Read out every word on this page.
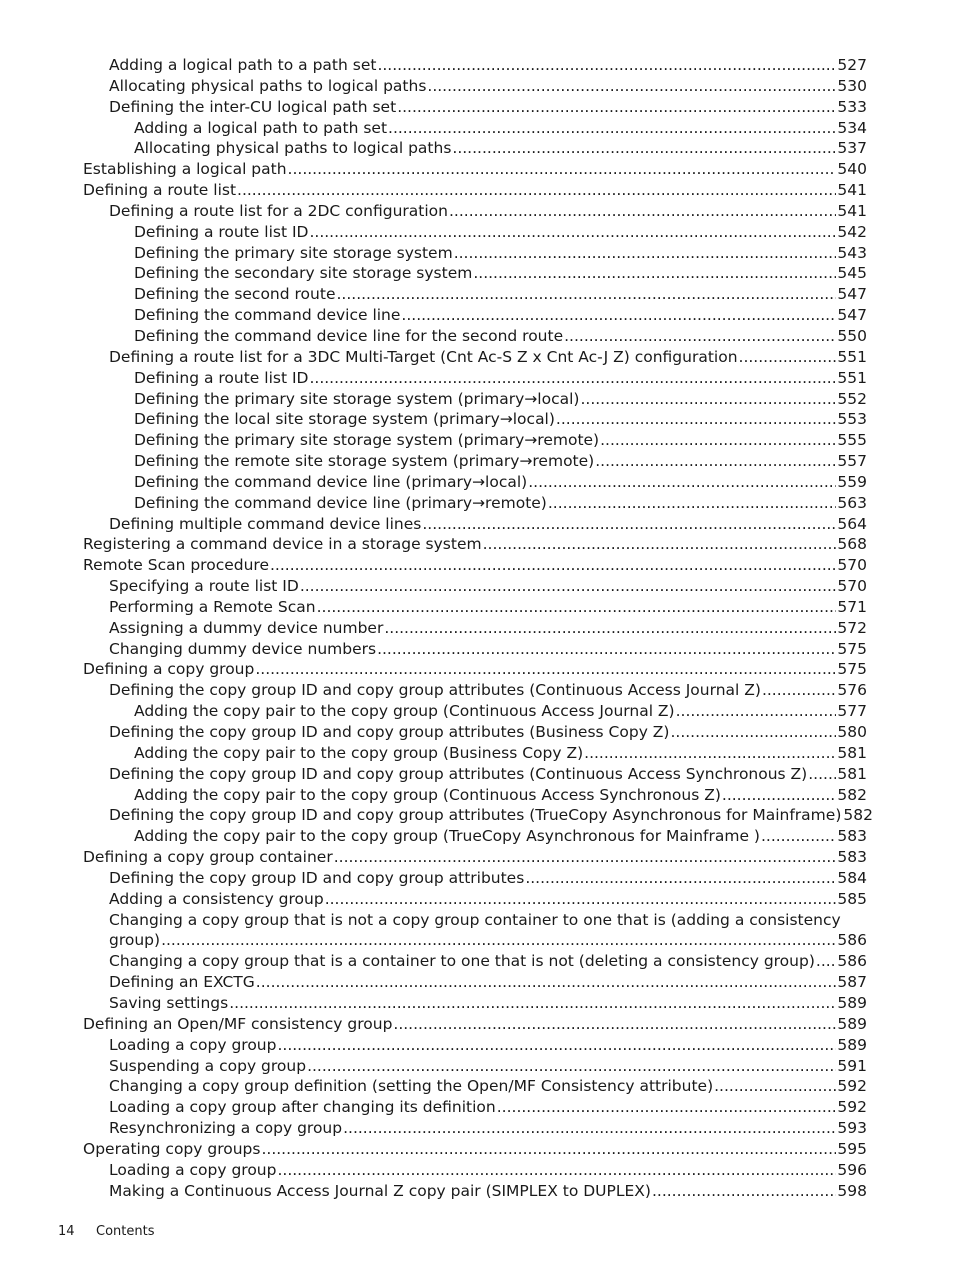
Adding a logical path to a path set .....	527
Allocating physical paths to logical paths .....	530
Defining the inter-CU logical path set .....	533
Adding a logical path to path set .....	534
Allocating physical paths to logical paths .....	537
Establishing a logical path .....	540
Defining a route list .....	541
Defining a route list for a 2DC configuration .....	541
Defining a route list ID .....	542
Defining the primary site storage system .....	543
Defining the secondary site storage system .....	545
Defining the second route .....	547
Defining the command device line .....	547
Defining the command device line for the second route .....	550
Defining a route list for a 3DC Multi-Target (Cnt Ac-S Z x Cnt Ac-J Z) configuration .....	551
Defining a route list ID .....	551
Defining the primary site storage system (primary→local) .....	552
Defining the local site storage system (primary→local) .....	553
Defining the primary site storage system (primary→remote) .....	555
Defining the remote site storage system (primary→remote) .....	557
Defining the command device line (primary→local) .....	559
Defining the command device line (primary→remote) .....	563
Defining multiple command device lines .....	564
Registering a command device in a storage system .....	568
Remote Scan procedure .....	570
Specifying a route list ID .....	570
Performing a Remote Scan .....	571
Assigning a dummy device number .....	572
Changing dummy device numbers .....	575
Defining a copy group .....	575
Defining the copy group ID and copy group attributes (Continuous Access Journal Z) .....	576
Adding the copy pair to the copy group (Continuous Access Journal Z) .....	577
Defining the copy group ID and copy group attributes (Business Copy Z) .....	580
Adding the copy pair to the copy group (Business Copy Z) .....	581
Defining the copy group ID and copy group attributes (Continuous Access Synchronous Z) ..... 581
Adding the copy pair to the copy group (Continuous Access Synchronous Z) .....	582
Defining the copy group ID and copy group attributes (TrueCopy Asynchronous for Mainframe) 582
Adding the copy pair to the copy group (TrueCopy Asynchronous for Mainframe ) .....	583
Defining a copy group container .....	583
Defining the copy group ID and copy group attributes .....	584
Adding a consistency group .....	585
Changing a copy group that is not a copy group container to one that is (adding a consistency
group) .....	586
Changing a copy group that is a container to one that is not (deleting a consistency group) ..... 586
Defining an EXCTG .....	587
Saving settings .....	589
Defining an Open/MF consistency group .....	589
Loading a copy group .....	589
Suspending a copy group .....	591
Changing a copy group definition (setting the Open/MF Consistency attribute) .....	592
Loading a copy group after changing its definition .....	592
Resynchronizing a copy group .....	593
Operating copy groups .....	595
Loading a copy group .....	596
Making a Continuous Access Journal Z copy pair (SIMPLEX to DUPLEX) .....	598
14 Contents
